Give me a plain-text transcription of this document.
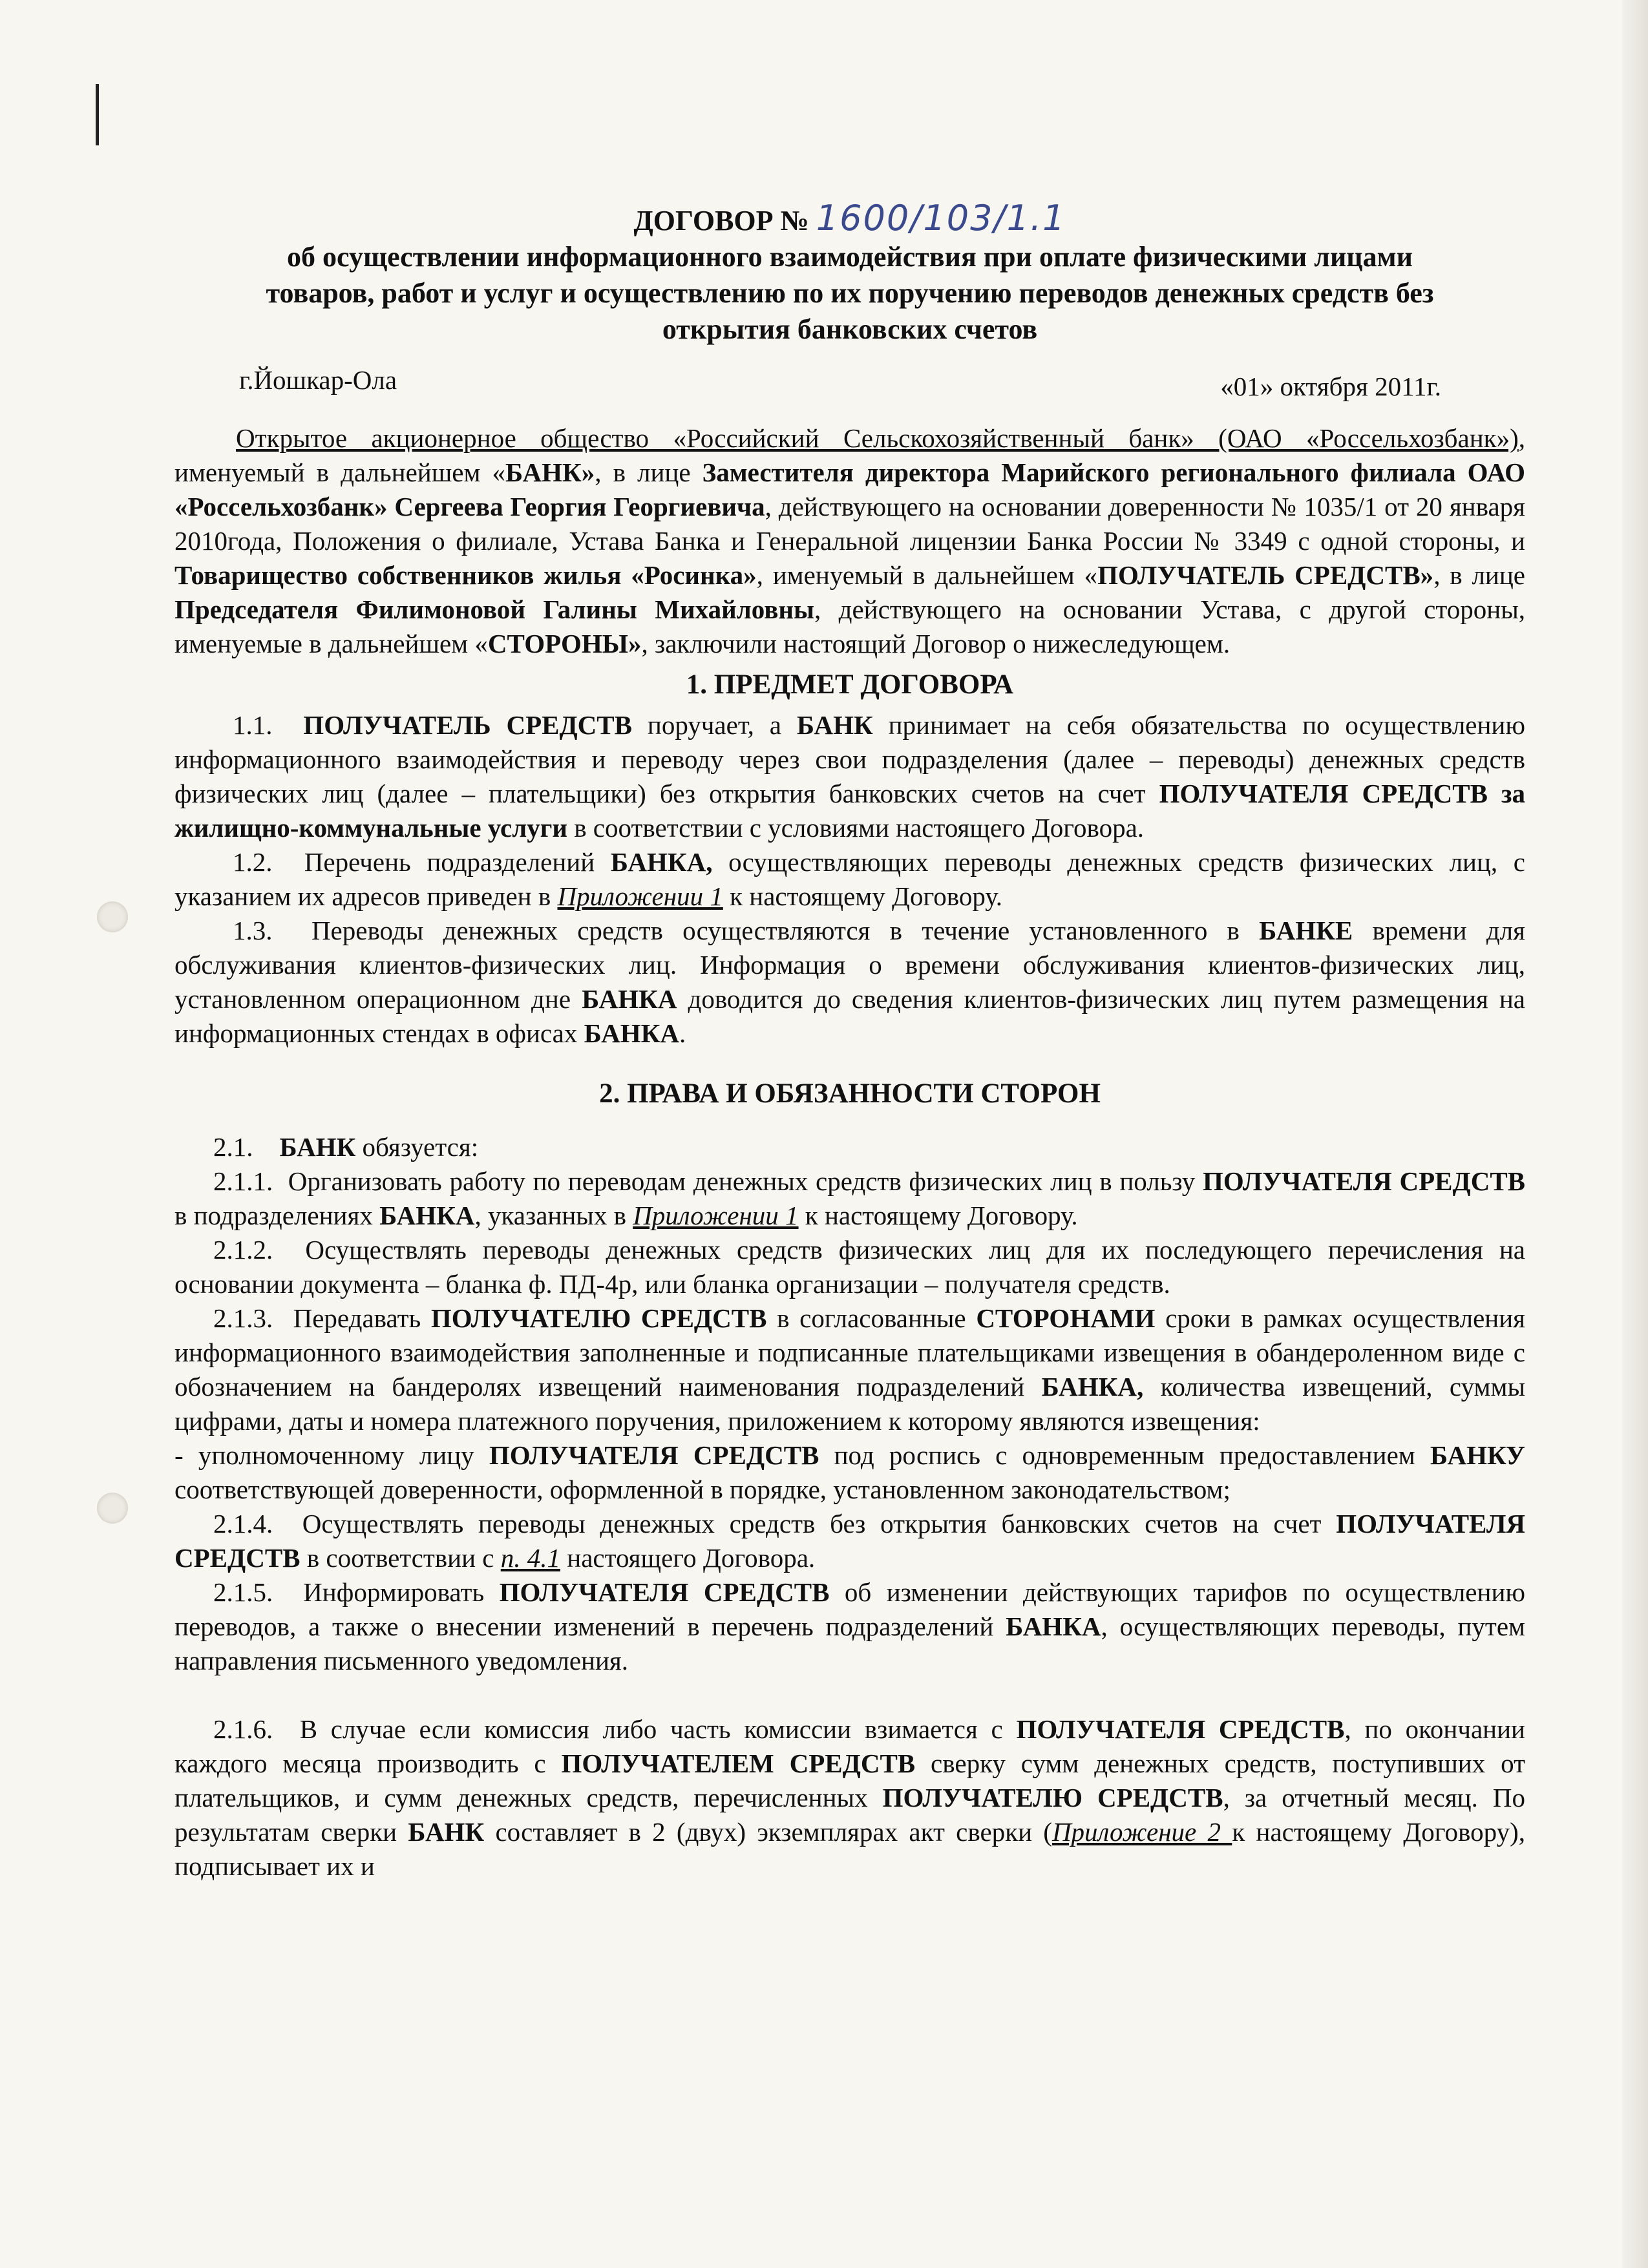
ДОГОВОР № 1600/103/1.1
об осуществлении информационного взаимодействия при оплате физическими лицами
товаров, работ и услуг и осуществлению по их поручению переводов денежных средств без
открытия банковских счетов
г.Йошкар-Ола	«01» октября 2011г.

Открытое акционерное общество «Российский Сельскохозяйственный банк» (ОАО «Россельхозбанк»), именуемый в дальнейшем «БАНК», в лице Заместителя директора Марийского регионального филиала ОАО «Россельхозбанк» Сергеева Георгия Георгиевича, действующего на основании доверенности № 1035/1 от 20 января 2010года, Положения о филиале, Устава Банка и Генеральной лицензии Банка России № 3349 с одной стороны, и Товарищество собственников жилья «Росинка», именуемый в дальнейшем «ПОЛУЧАТЕЛЬ СРЕДСТВ», в лице Председателя Филимоновой Галины Михайловны, действующего на основании Устава, с другой стороны, именуемые в дальнейшем «СТОРОНЫ», заключили настоящий Договор о нижеследующем.

1. ПРЕДМЕТ ДОГОВОРА

1.1. ПОЛУЧАТЕЛЬ СРЕДСТВ поручает, а БАНК принимает на себя обязательства по осуществлению информационного взаимодействия и переводу через свои подразделения (далее – переводы) денежных средств физических лиц (далее – плательщики) без открытия банковских счетов на счет ПОЛУЧАТЕЛЯ СРЕДСТВ за жилищно-коммунальные услуги в соответствии с условиями настоящего Договора.

1.2. Перечень подразделений БАНКА, осуществляющих переводы денежных средств физических лиц, с указанием их адресов приведен в Приложении 1 к настоящему Договору.

1.3. Переводы денежных средств осуществляются в течение установленного в БАНКЕ времени для обслуживания клиентов-физических лиц. Информация о времени обслуживания клиентов-физических лиц, установленном операционном дне БАНКА доводится до сведения клиентов-физических лиц путем размещения на информационных стендах в офисах БАНКА.

2. ПРАВА И ОБЯЗАННОСТИ СТОРОН

2.1. БАНК обязуется:

2.1.1. Организовать работу по переводам денежных средств физических лиц в пользу ПОЛУЧАТЕЛЯ СРЕДСТВ в подразделениях БАНКА, указанных в Приложении 1 к настоящему Договору.

2.1.2. Осуществлять переводы денежных средств физических лиц для их последующего перечисления на основании документа – бланка ф. ПД-4р, или бланка организации – получателя средств.

2.1.3. Передавать ПОЛУЧАТЕЛЮ СРЕДСТВ в согласованные СТОРОНАМИ сроки в рамках осуществления информационного взаимодействия заполненные и подписанные плательщиками извещения в обандероленном виде с обозначением на бандеролях извещений наименования подразделений БАНКА, количества извещений, суммы цифрами, даты и номера платежного поручения, приложением к которому являются извещения:

- уполномоченному лицу ПОЛУЧАТЕЛЯ СРЕДСТВ под роспись с одновременным предоставлением БАНКУ соответствующей доверенности, оформленной в порядке, установленном законодательством;

2.1.4. Осуществлять переводы денежных средств без открытия банковских счетов на счет ПОЛУЧАТЕЛЯ СРЕДСТВ в соответствии с п. 4.1 настоящего Договора.

2.1.5. Информировать ПОЛУЧАТЕЛЯ СРЕДСТВ об изменении действующих тарифов по осуществлению переводов, а также о внесении изменений в перечень подразделений БАНКА, осуществляющих переводы, путем направления письменного уведомления.

2.1.6. В случае если комиссия либо часть комиссии взимается с ПОЛУЧАТЕЛЯ СРЕДСТВ, по окончании каждого месяца производить с ПОЛУЧАТЕЛЕМ СРЕДСТВ сверку сумм денежных средств, поступивших от плательщиков, и сумм денежных средств, перечисленных ПОЛУЧАТЕЛЮ СРЕДСТВ, за отчетный месяц. По результатам сверки БАНК составляет в 2 (двух) экземплярах акт сверки (Приложение 2 к настоящему Договору), подписывает их и
